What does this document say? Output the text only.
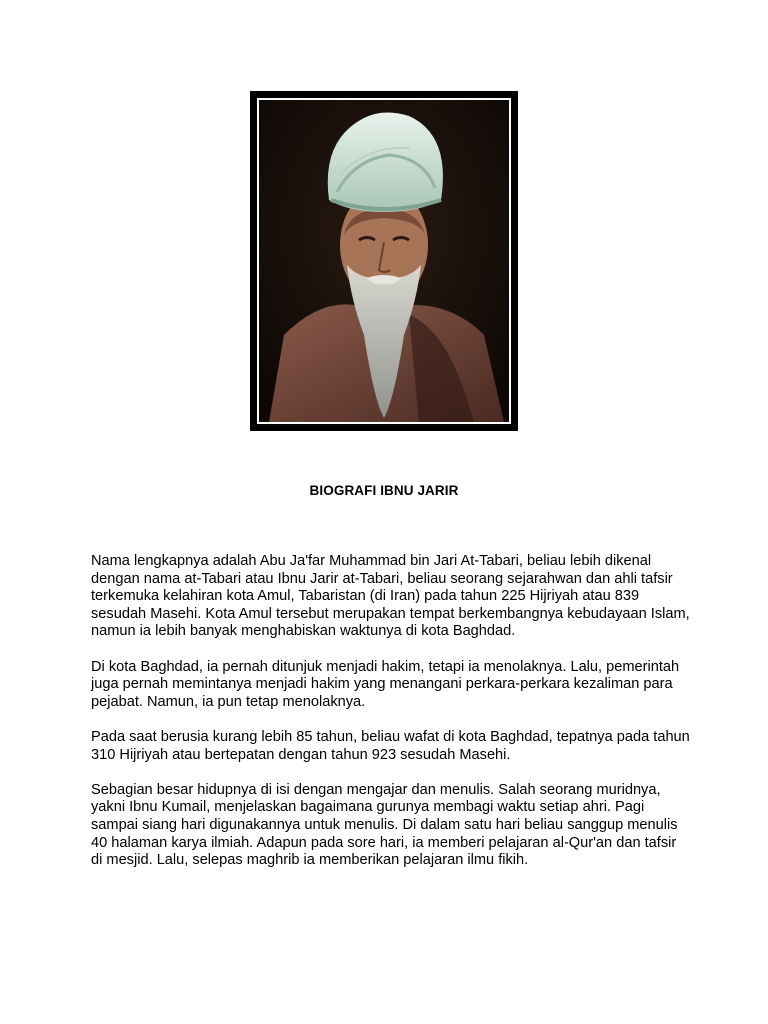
BIOGRAFI IBNU JARIR

Nama lengkapnya adalah Abu Ja'far Muhammad bin Jari At-Tabari, beliau lebih dikenal dengan nama at-Tabari atau Ibnu Jarir at-Tabari, beliau seorang sejarahwan dan ahli tafsir terkemuka kelahiran kota Amul, Tabaristan (di Iran) pada tahun 225 Hijriyah atau 839 sesudah Masehi. Kota Amul tersebut merupakan tempat berkembangnya kebudayaan Islam, namun ia lebih banyak menghabiskan waktunya di kota Baghdad.

Di kota Baghdad, ia pernah ditunjuk menjadi hakim, tetapi ia menolaknya. Lalu, pemerintah juga pernah memintanya menjadi hakim yang menangani perkara-perkara kezaliman para pejabat. Namun, ia pun tetap menolaknya.

Pada saat berusia kurang lebih 85 tahun, beliau wafat di kota Baghdad, tepatnya pada tahun 310 Hijriyah atau bertepatan dengan tahun 923 sesudah Masehi.

Sebagian besar hidupnya di isi dengan mengajar dan menulis. Salah seorang muridnya, yakni Ibnu Kumail, menjelaskan bagaimana gurunya membagi waktu setiap ahri. Pagi sampai siang hari digunakannya untuk menulis. Di dalam satu hari beliau sanggup menulis 40 halaman karya ilmiah. Adapun pada sore hari, ia memberi pelajaran al-Qur'an dan tafsir di mesjid. Lalu, selepas maghrib ia memberikan pelajaran ilmu fikih.
